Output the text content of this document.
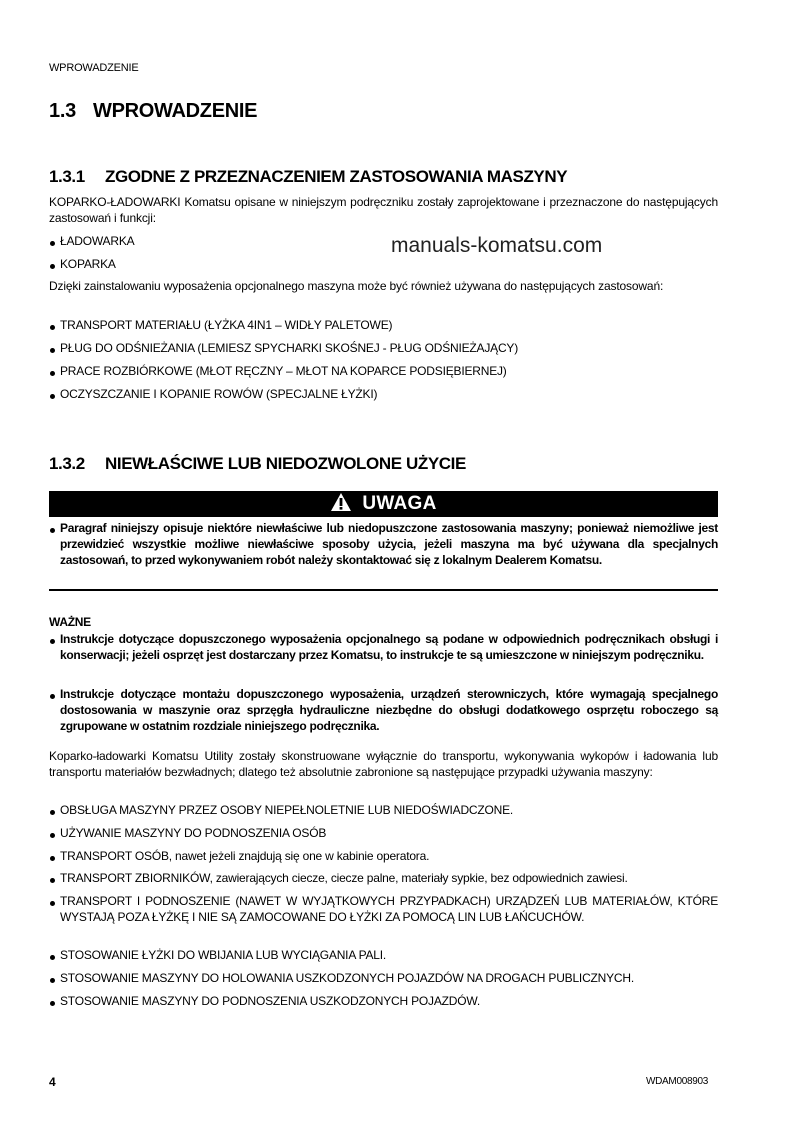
WPROWADZENIE
1.3 WPROWADZENIE
1.3.1 ZGODNE Z PRZEZNACZENIEM ZASTOSOWANIA MASZYNY
KOPARKO-ŁADOWARKI Komatsu opisane w niniejszym podręczniku zostały zaprojektowane i przeznaczone do następujących zastosowań i funkcji:
ŁADOWARKA
KOPARKA
manuals-komatsu.com
Dzięki zainstalowaniu wyposażenia opcjonalnego maszyna może być również używana do następujących zastosowań:
TRANSPORT MATERIAŁU (ŁYŻKA 4IN1 – WIDŁY PALETOWE)
PŁUG DO ODŚNIEŻANIA (LEMIESZ SPYCHARKI SKOŚNEJ - PŁUG ODŚNIEŻAJĄCY)
PRACE ROZBIÓRKOWE (MŁOT RĘCZNY – MŁOT NA KOPARCE PODSIĘBIERNEJ)
OCZYSZCZANIE I KOPANIE ROWÓW (SPECJALNE ŁYŻKI)
1.3.2 NIEWŁAŚCIWE LUB NIEDOZWOLONE UŻYCIE
UWAGA
Paragraf niniejszy opisuje niektóre niewłaściwe lub niedopuszczone zastosowania maszyny; ponieważ niemożliwe jest przewidzieć wszystkie możliwe niewłaściwe sposoby użycia, jeżeli maszyna ma być używana dla specjalnych zastosowań, to przed wykonywaniem robót należy skontaktować się z lokalnym Dealerem Komatsu.
WAŻNE
Instrukcje dotyczące dopuszczonego wyposażenia opcjonalnego są podane w odpowiednich podręcznikach obsługi i konserwacji; jeżeli osprzęt jest dostarczany przez Komatsu, to instrukcje te są umieszczone w niniejszym podręczniku.
Instrukcje dotyczące montażu dopuszczonego wyposażenia, urządzeń sterowniczych, które wymagają specjalnego dostosowania w maszynie oraz sprzęgła hydrauliczne niezbędne do obsługi dodatkowego osprzętu roboczego są zgrupowane w ostatnim rozdziale niniejszego podręcznika.
Koparko-ładowarki Komatsu Utility zostały skonstruowane wyłącznie do transportu, wykonywania wykopów i ładowania lub transportu materiałów bezwładnych; dlatego też absolutnie zabronione są następujące przypadki używania maszyny:
OBSŁUGA MASZYNY PRZEZ OSOBY NIEPEŁNOLETNIE LUB NIEDOŚWIADCZONE.
UŻYWANIE MASZYNY DO PODNOSZENIA OSÓB
TRANSPORT OSÓB, nawet jeżeli znajdują się one w kabinie operatora.
TRANSPORT ZBIORNIKÓW, zawierających ciecze, ciecze palne, materiały sypkie, bez odpowiednich zawiesi.
TRANSPORT I PODNOSZENIE (NAWET W WYJĄTKOWYCH PRZYPADKACH) URZĄDZEŃ LUB MATERIAŁÓW, KTÓRE WYSTAJĄ POZA ŁYŻKĘ I NIE SĄ ZAMOCOWANE DO ŁYŻKI ZA POMOCĄ LIN LUB ŁAŃCUCHÓW.
STOSOWANIE ŁYŻKI DO WBIJANIA LUB WYCIĄGANIA PALI.
STOSOWANIE MASZYNY DO HOLOWANIA USZKODZONYCH POJAZDÓW NA DROGACH PUBLICZNYCH.
STOSOWANIE MASZYNY DO PODNOSZENIA USZKODZONYCH POJAZDÓW.
4	WDAM008903
